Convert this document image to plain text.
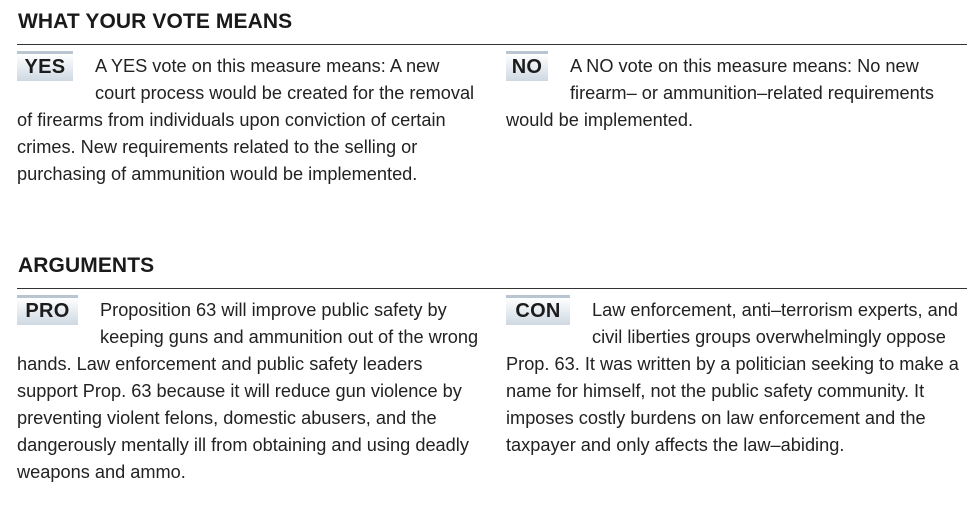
WHAT YOUR VOTE MEANS

YES	A YES vote on this measure means: A new court process would be created for the removal of firearms from individuals upon conviction of certain crimes. New requirements related to the selling or purchasing of ammunition would be implemented.

NO	A NO vote on this measure means: No new firearm– or ammunition–related requirements would be implemented.

ARGUMENTS

PRO	Proposition 63 will improve public safety by keeping guns and ammunition out of the wrong hands. Law enforcement and public safety leaders support Prop. 63 because it will reduce gun violence by preventing violent felons, domestic abusers, and the dangerously mentally ill from obtaining and using deadly weapons and ammo.

CON	Law enforcement, anti–terrorism experts, and civil liberties groups overwhelmingly oppose Prop. 63. It was written by a politician seeking to make a name for himself, not the public safety community. It imposes costly burdens on law enforcement and the taxpayer and only affects the law–abiding.
